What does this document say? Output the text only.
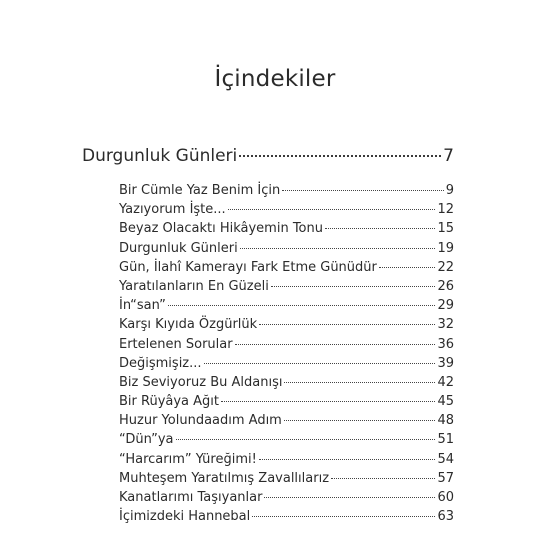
İçindekiler
Durgunluk Günleri	7
Bir Cümle Yaz Benim İçin	9
Yazıyorum İşte...	12
Beyaz Olacaktı Hikâyemin Tonu	15
Durgunluk Günleri	19
Gün, İlahî Kamerayı Fark Etme Günüdür	22
Yaratılanların En Güzeli	26
İn“san”	29
Karşı Kıyıda Özgürlük	32
Ertelenen Sorular	36
Değişmişiz...	39
Biz Seviyoruz Bu Aldanışı	42
Bir Rüyâya Ağıt	45
Huzur Yolundaadım Adım	48
“Dün”ya	51
“Harcarım” Yüreğimi!	54
Muhteşem Yaratılmış Zavallılarız	57
Kanatlarımı Taşıyanlar	60
İçimizdeki Hannebal	63
